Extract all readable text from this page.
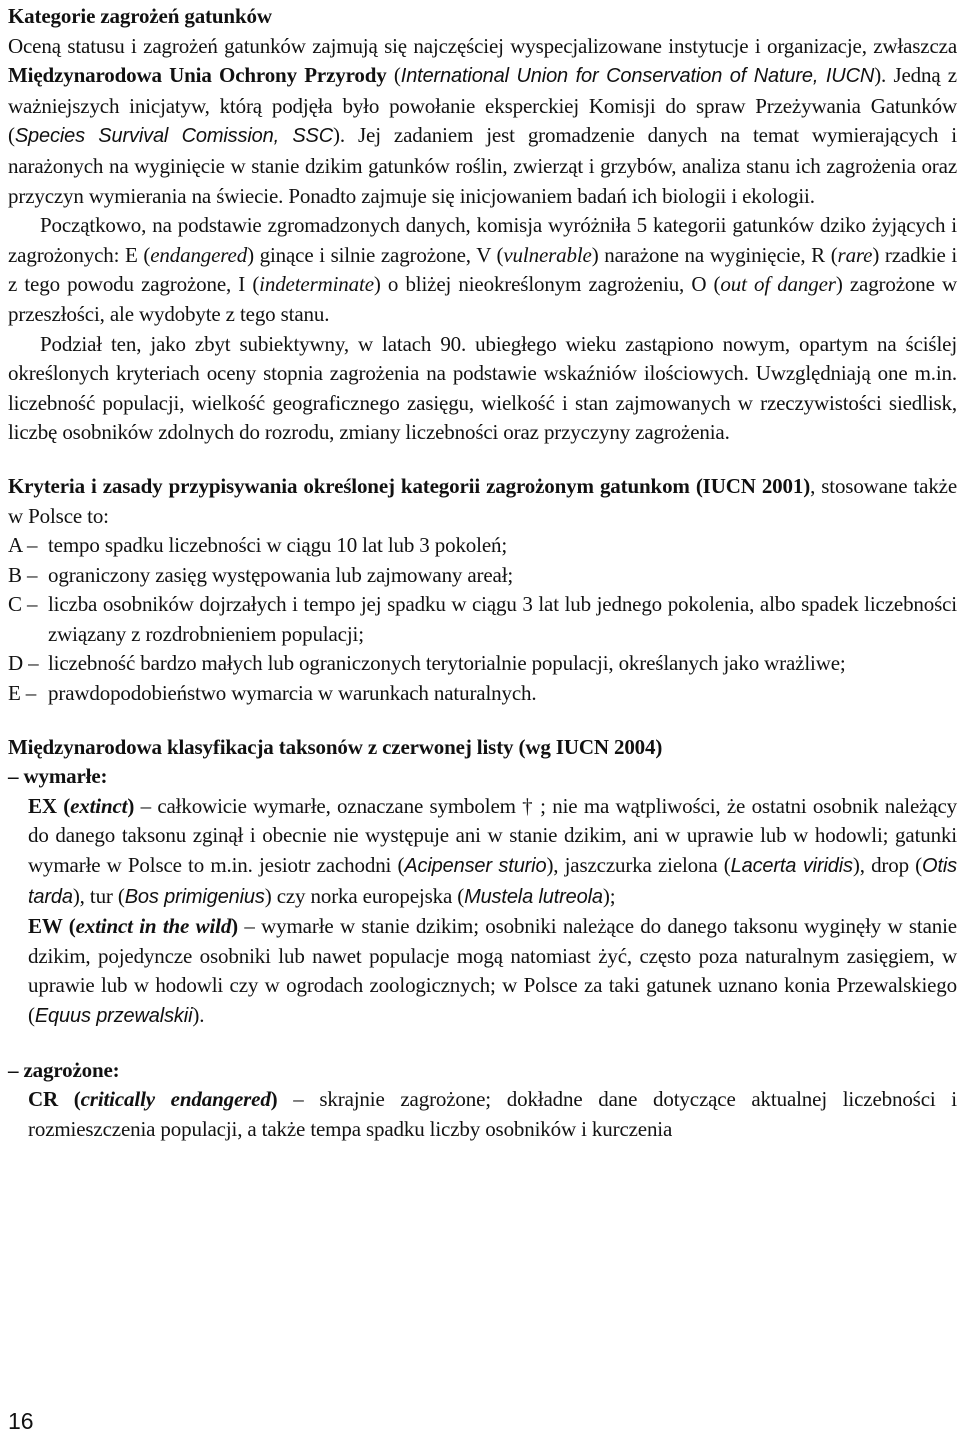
Kategorie zagrożeń gatunków

Oceną statusu i zagrożeń gatunków zajmują się najczęściej wyspecjalizowane instytucje i organizacje, zwłaszcza Międzynarodowa Unia Ochrony Przyrody (International Union for Conservation of Nature, IUCN). Jedną z ważniejszych inicjatyw, którą podjęła było powołanie eksperckiej Komisji do spraw Przeżywania Gatunków (Species Survival Comission, SSC). Jej zadaniem jest gromadzenie danych na temat wymierających i narażonych na wyginięcie w stanie dzikim gatunków roślin, zwierząt i grzybów, analiza stanu ich zagrożenia oraz przyczyn wymierania na świecie. Ponadto zajmuje się inicjowaniem badań ich biologii i ekologii.

Początkowo, na podstawie zgromadzonych danych, komisja wyróżniła 5 kategorii gatunków dziko żyjących i zagrożonych: E (endangered) ginące i silnie zagrożone, V (vulnerable) narażone na wyginięcie, R (rare) rzadkie i z tego powodu zagrożone, I (indeterminate) o bliżej nieokreślonym zagrożeniu, O (out of danger) zagrożone w przeszłości, ale wydobyte z tego stanu.

Podział ten, jako zbyt subiektywny, w latach 90. ubiegłego wieku zastąpiono nowym, opartym na ściślej określonych kryteriach oceny stopnia zagrożenia na podstawie wskaźniów ilościowych. Uwzględniają one m.in. liczebność populacji, wielkość geograficznego zasięgu, wielkość i stan zajmowanych w rzeczywistości siedlisk, liczbę osobników zdolnych do rozrodu, zmiany liczebności oraz przyczyny zagrożenia.

Kryteria i zasady przypisywania określonej kategorii zagrożonym gatunkom (IUCN 2001), stosowane także w Polsce to:

A – tempo spadku liczebności w ciągu 10 lat lub 3 pokoleń;
B – ograniczony zasięg występowania lub zajmowany areał;
C – liczba osobników dojrzałych i tempo jej spadku w ciągu 3 lat lub jednego pokolenia, albo spadek liczebności związany z rozdrobnieniem populacji;
D – liczebność bardzo małych lub ograniczonych terytorialnie populacji, określanych jako wrażliwe;
E – prawdopodobieństwo wymarcia w warunkach naturalnych.

Międzynarodowa klasyfikacja taksonów z czerwonej listy (wg IUCN 2004)

– wymarłe:

EX (extinct) – całkowicie wymarłe, oznaczane symbolem † ; nie ma wątpliwości, że ostatni osobnik należący do danego taksonu zginął i obecnie nie występuje ani w stanie dzikim, ani w uprawie lub w hodowli; gatunki wymarłe w Polsce to m.in. jesiotr zachodni (Acipenser sturio), jaszczurka zielona (Lacerta viridis), drop (Otis tarda), tur (Bos primigenius) czy norka europejska (Mustela lutreola);

EW (extinct in the wild) – wymarłe w stanie dzikim; osobniki należące do danego taksonu wyginęły w stanie dzikim, pojedyncze osobniki lub nawet populacje mogą natomiast żyć, często poza naturalnym zasięgiem, w uprawie lub w hodowli czy w ogrodach zoologicznych; w Polsce za taki gatunek uznano konia Przewalskiego (Equus przewalskii).

– zagrożone:

CR (critically endangered) – skrajnie zagrożone; dokładne dane dotyczące aktualnej liczebności i rozmieszczenia populacji, a także tempa spadku liczby osobników i kurczenia

16
